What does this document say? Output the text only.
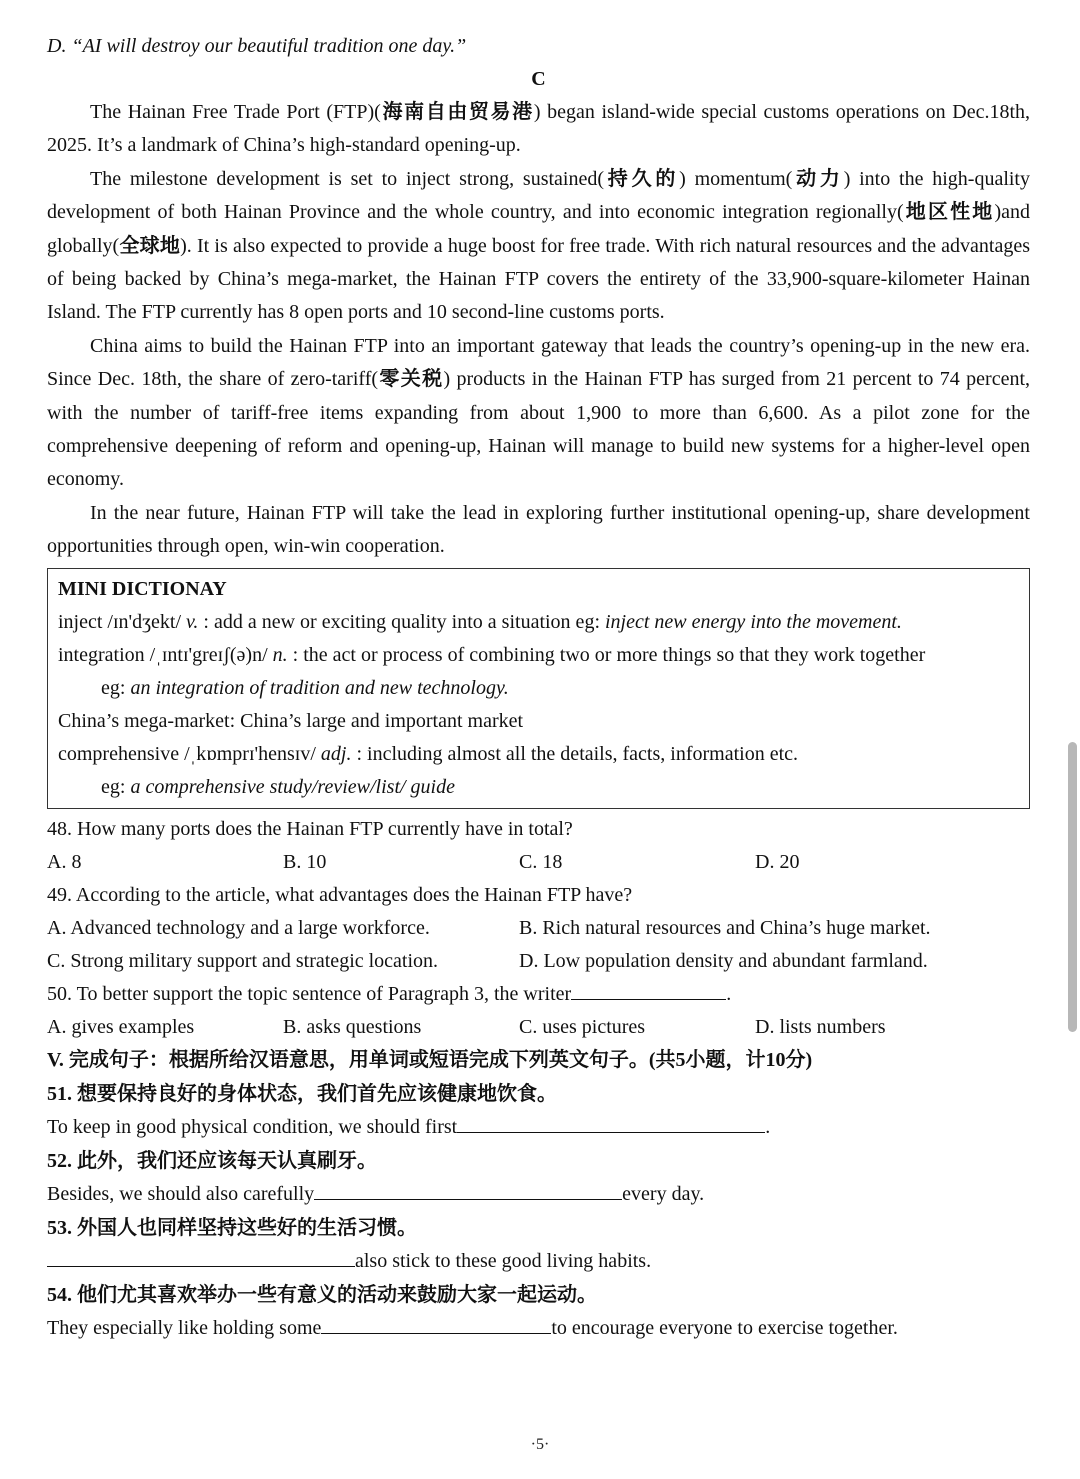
D. “AI will destroy our beautiful tradition one day.”
C

The Hainan Free Trade Port (FTP)(海南自由贸易港) began island-wide special customs operations on Dec.18th, 2025. It’s a landmark of China’s high-standard opening-up.

The milestone development is set to inject strong, sustained(持久的) momentum(动力) into the high-quality development of both Hainan Province and the whole country, and into economic integration regionally(地区性地)and globally(全球地). It is also expected to provide a huge boost for free trade. With rich natural resources and the advantages of being backed by China’s mega-market, the Hainan FTP covers the entirety of the 33,900-square-kilometer Hainan Island. The FTP currently has 8 open ports and 10 second-line customs ports.

China aims to build the Hainan FTP into an important gateway that leads the country’s opening-up in the new era. Since Dec. 18th, the share of zero-tariff(零关税) products in the Hainan FTP has surged from 21 percent to 74 percent, with the number of tariff-free items expanding from about 1,900 to more than 6,600. As a pilot zone for the comprehensive deepening of reform and opening-up, Hainan will manage to build new systems for a higher-level open economy.

In the near future, Hainan FTP will take the lead in exploring further institutional opening-up, share development opportunities through open, win-win cooperation.

MINI DICTIONAY
inject /ɪn'dʒekt/ v. : add a new or exciting quality into a situation eg: inject new energy into the movement.
integration /ˌɪntɪ'greɪʃ(ə)n/ n. : the act or process of combining two or more things so that they work together
eg: an integration of tradition and new technology.
China’s mega-market: China’s large and important market
comprehensive /ˌkɒmprɪ'hensɪv/ adj. : including almost all the details, facts, information etc.
eg: a comprehensive study/review/list/ guide
48. How many ports does the Hainan FTP currently have in total?
A. 8	B. 10	C. 18	D. 20
49. According to the article, what advantages does the Hainan FTP have?
A. Advanced technology and a large workforce.	B. Rich natural resources and China’s huge market.
C. Strong military support and strategic location.	D. Low population density and abundant farmland.
50. To better support the topic sentence of Paragraph 3, the writer	.
A. gives examples	B. asks questions	C. uses pictures	D. lists numbers
V. 完成句子：根据所给汉语意思，用单词或短语完成下列英文句子。(共5小题，计10分)
51. 想要保持良好的身体状态，我们首先应该健康地饮食。
To keep in good physical condition, we should first	.
52. 此外，我们还应该每天认真刷牙。
Besides, we should also carefully	every day.
53. 外国人也同样坚持这些好的生活习惯。
also stick to these good living habits.
54. 他们尤其喜欢举办一些有意义的活动来鼓励大家一起运动。
They especially like holding some	to encourage everyone to exercise together.
·5·
